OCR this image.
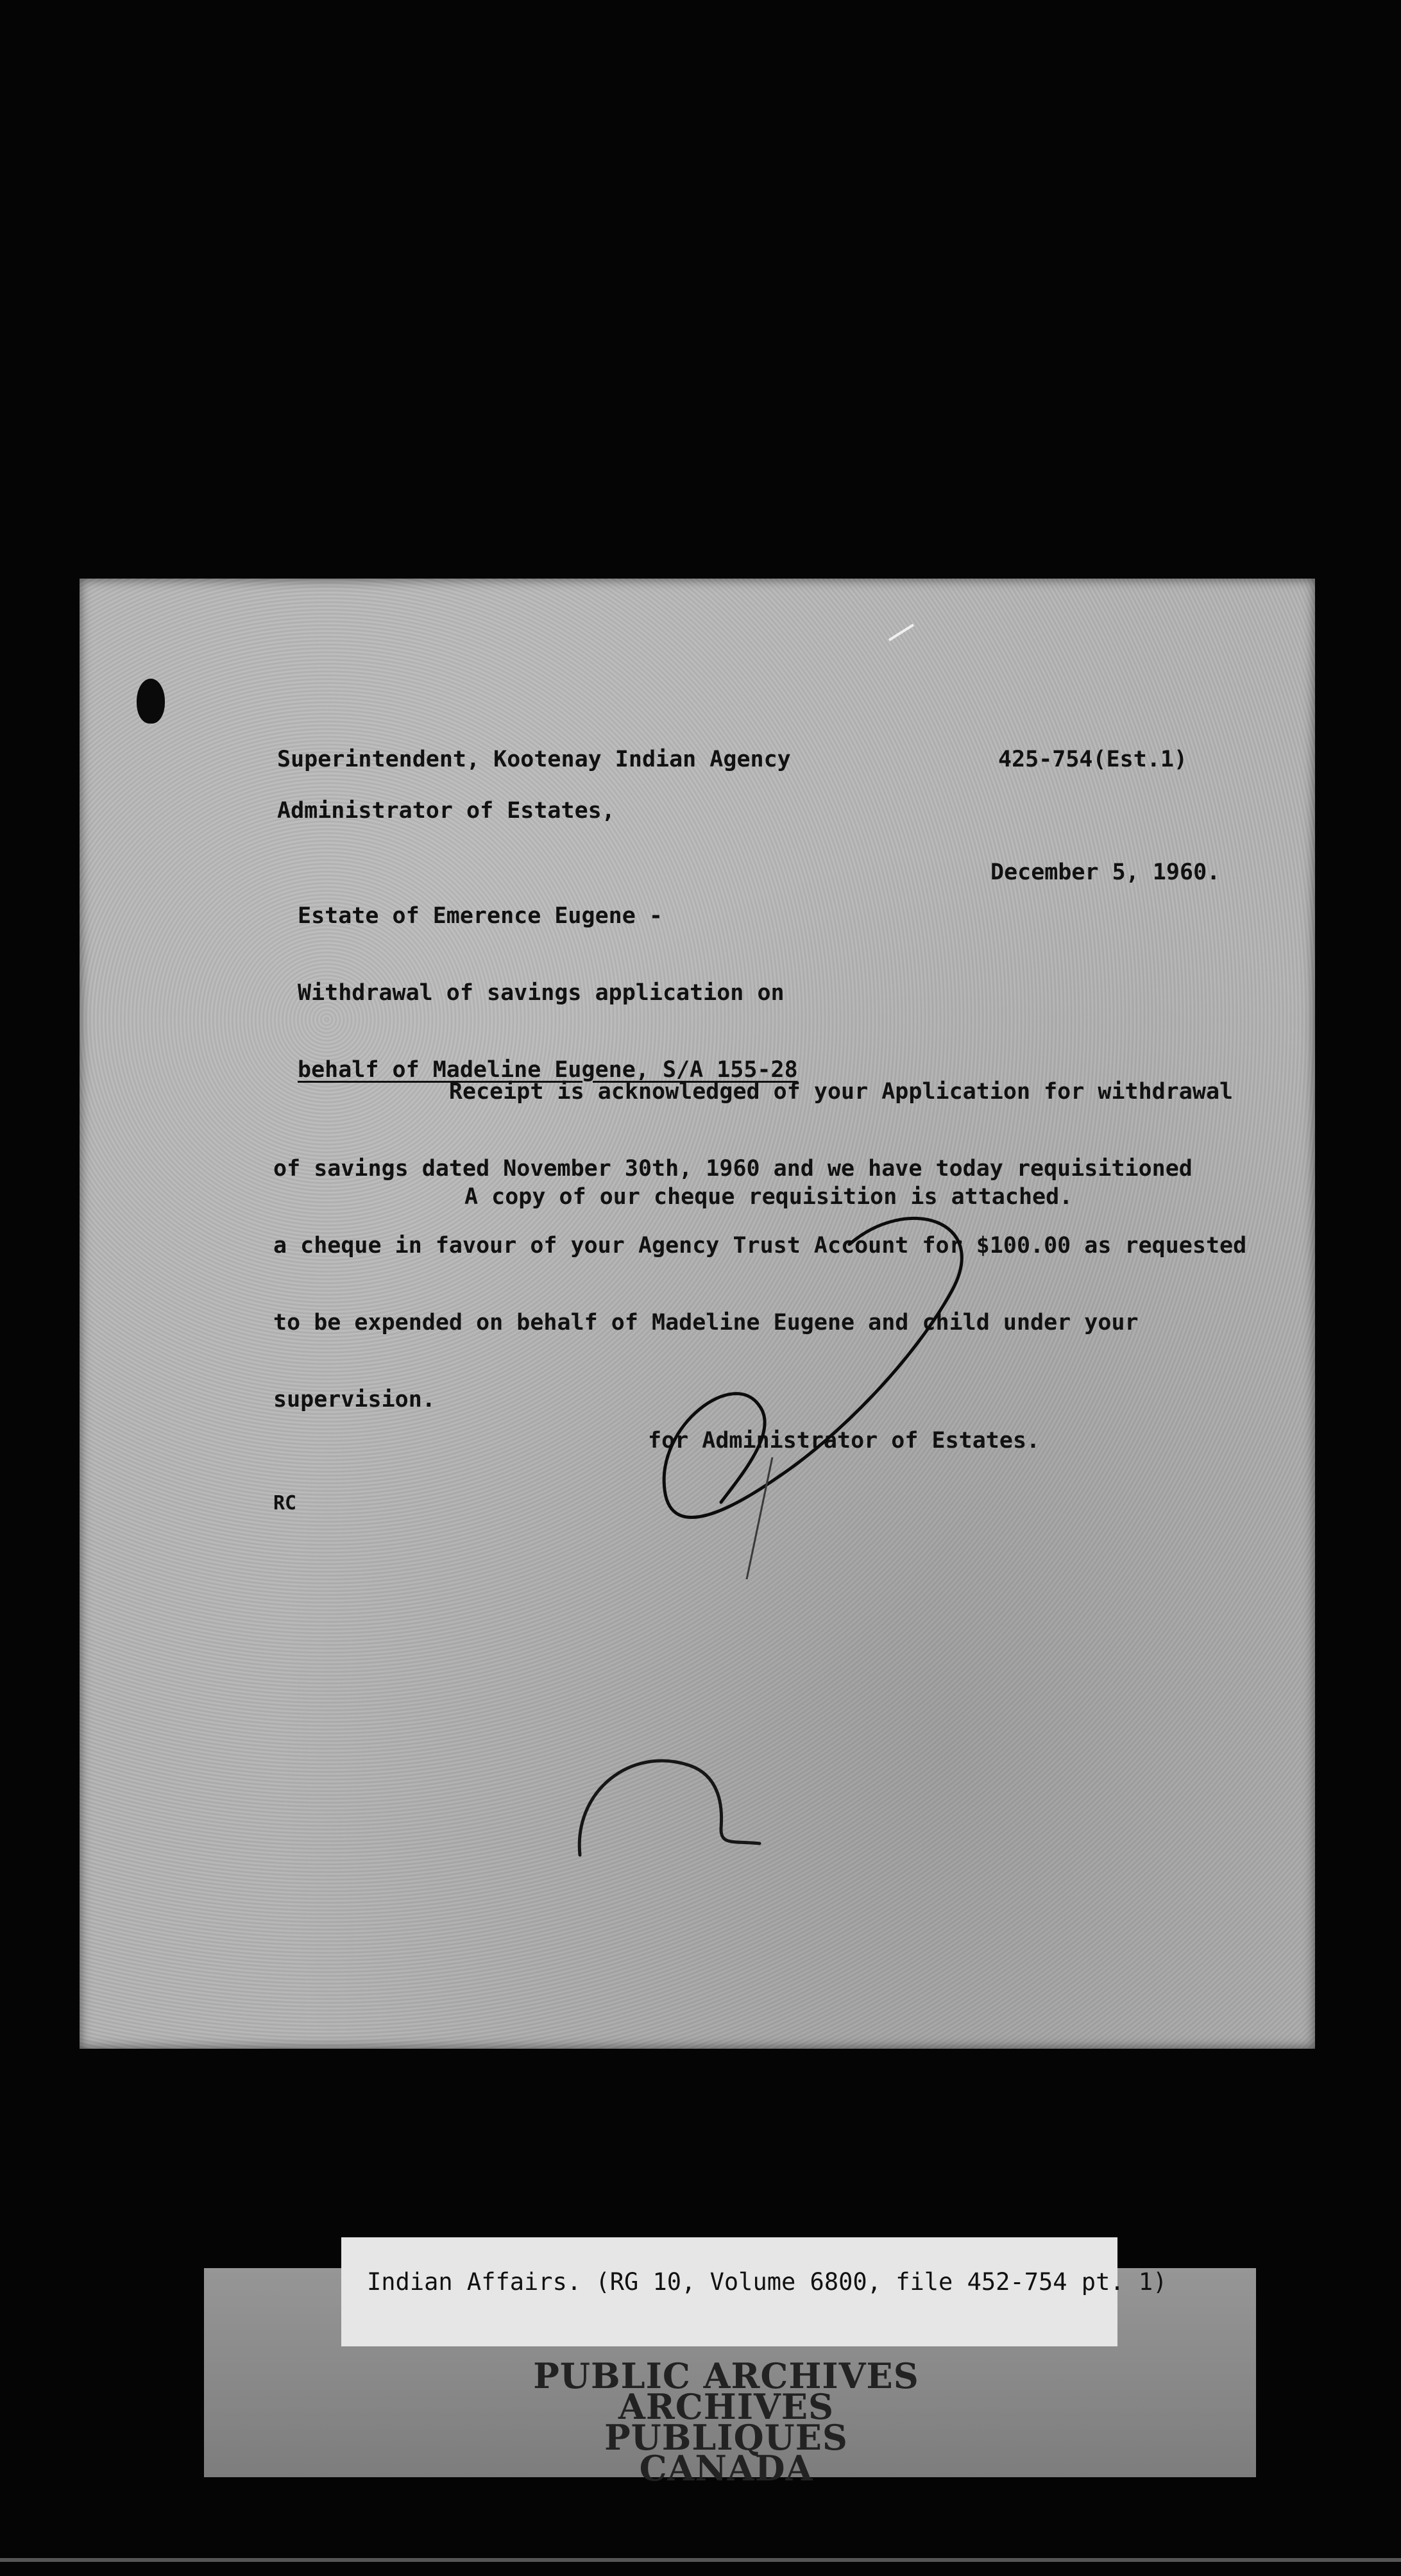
Superintendent, Kootenay Indian Agency	425-754(Est.1)
Administrator of Estates,

Estate of Emerence Eugene -

Withdrawal of savings application on

behalf of Madeline Eugene, S/A 155-28

December 5, 1960.

Receipt is acknowledged of your Application for withdrawal

of savings dated November 30th, 1960 and we have today requisitioned

a cheque in favour of your Agency Trust Account for $100.00 as requested

to be expended on behalf of Madeline Eugene and child under your

supervision.

A copy of our cheque requisition is attached.
for Administrator of Estates.
RC
Indian Affairs. (RG 10, Volume 6800, file 452-754 pt. 1)
PUBLIC ARCHIVES
ARCHIVES PUBLIQUES
CANADA
